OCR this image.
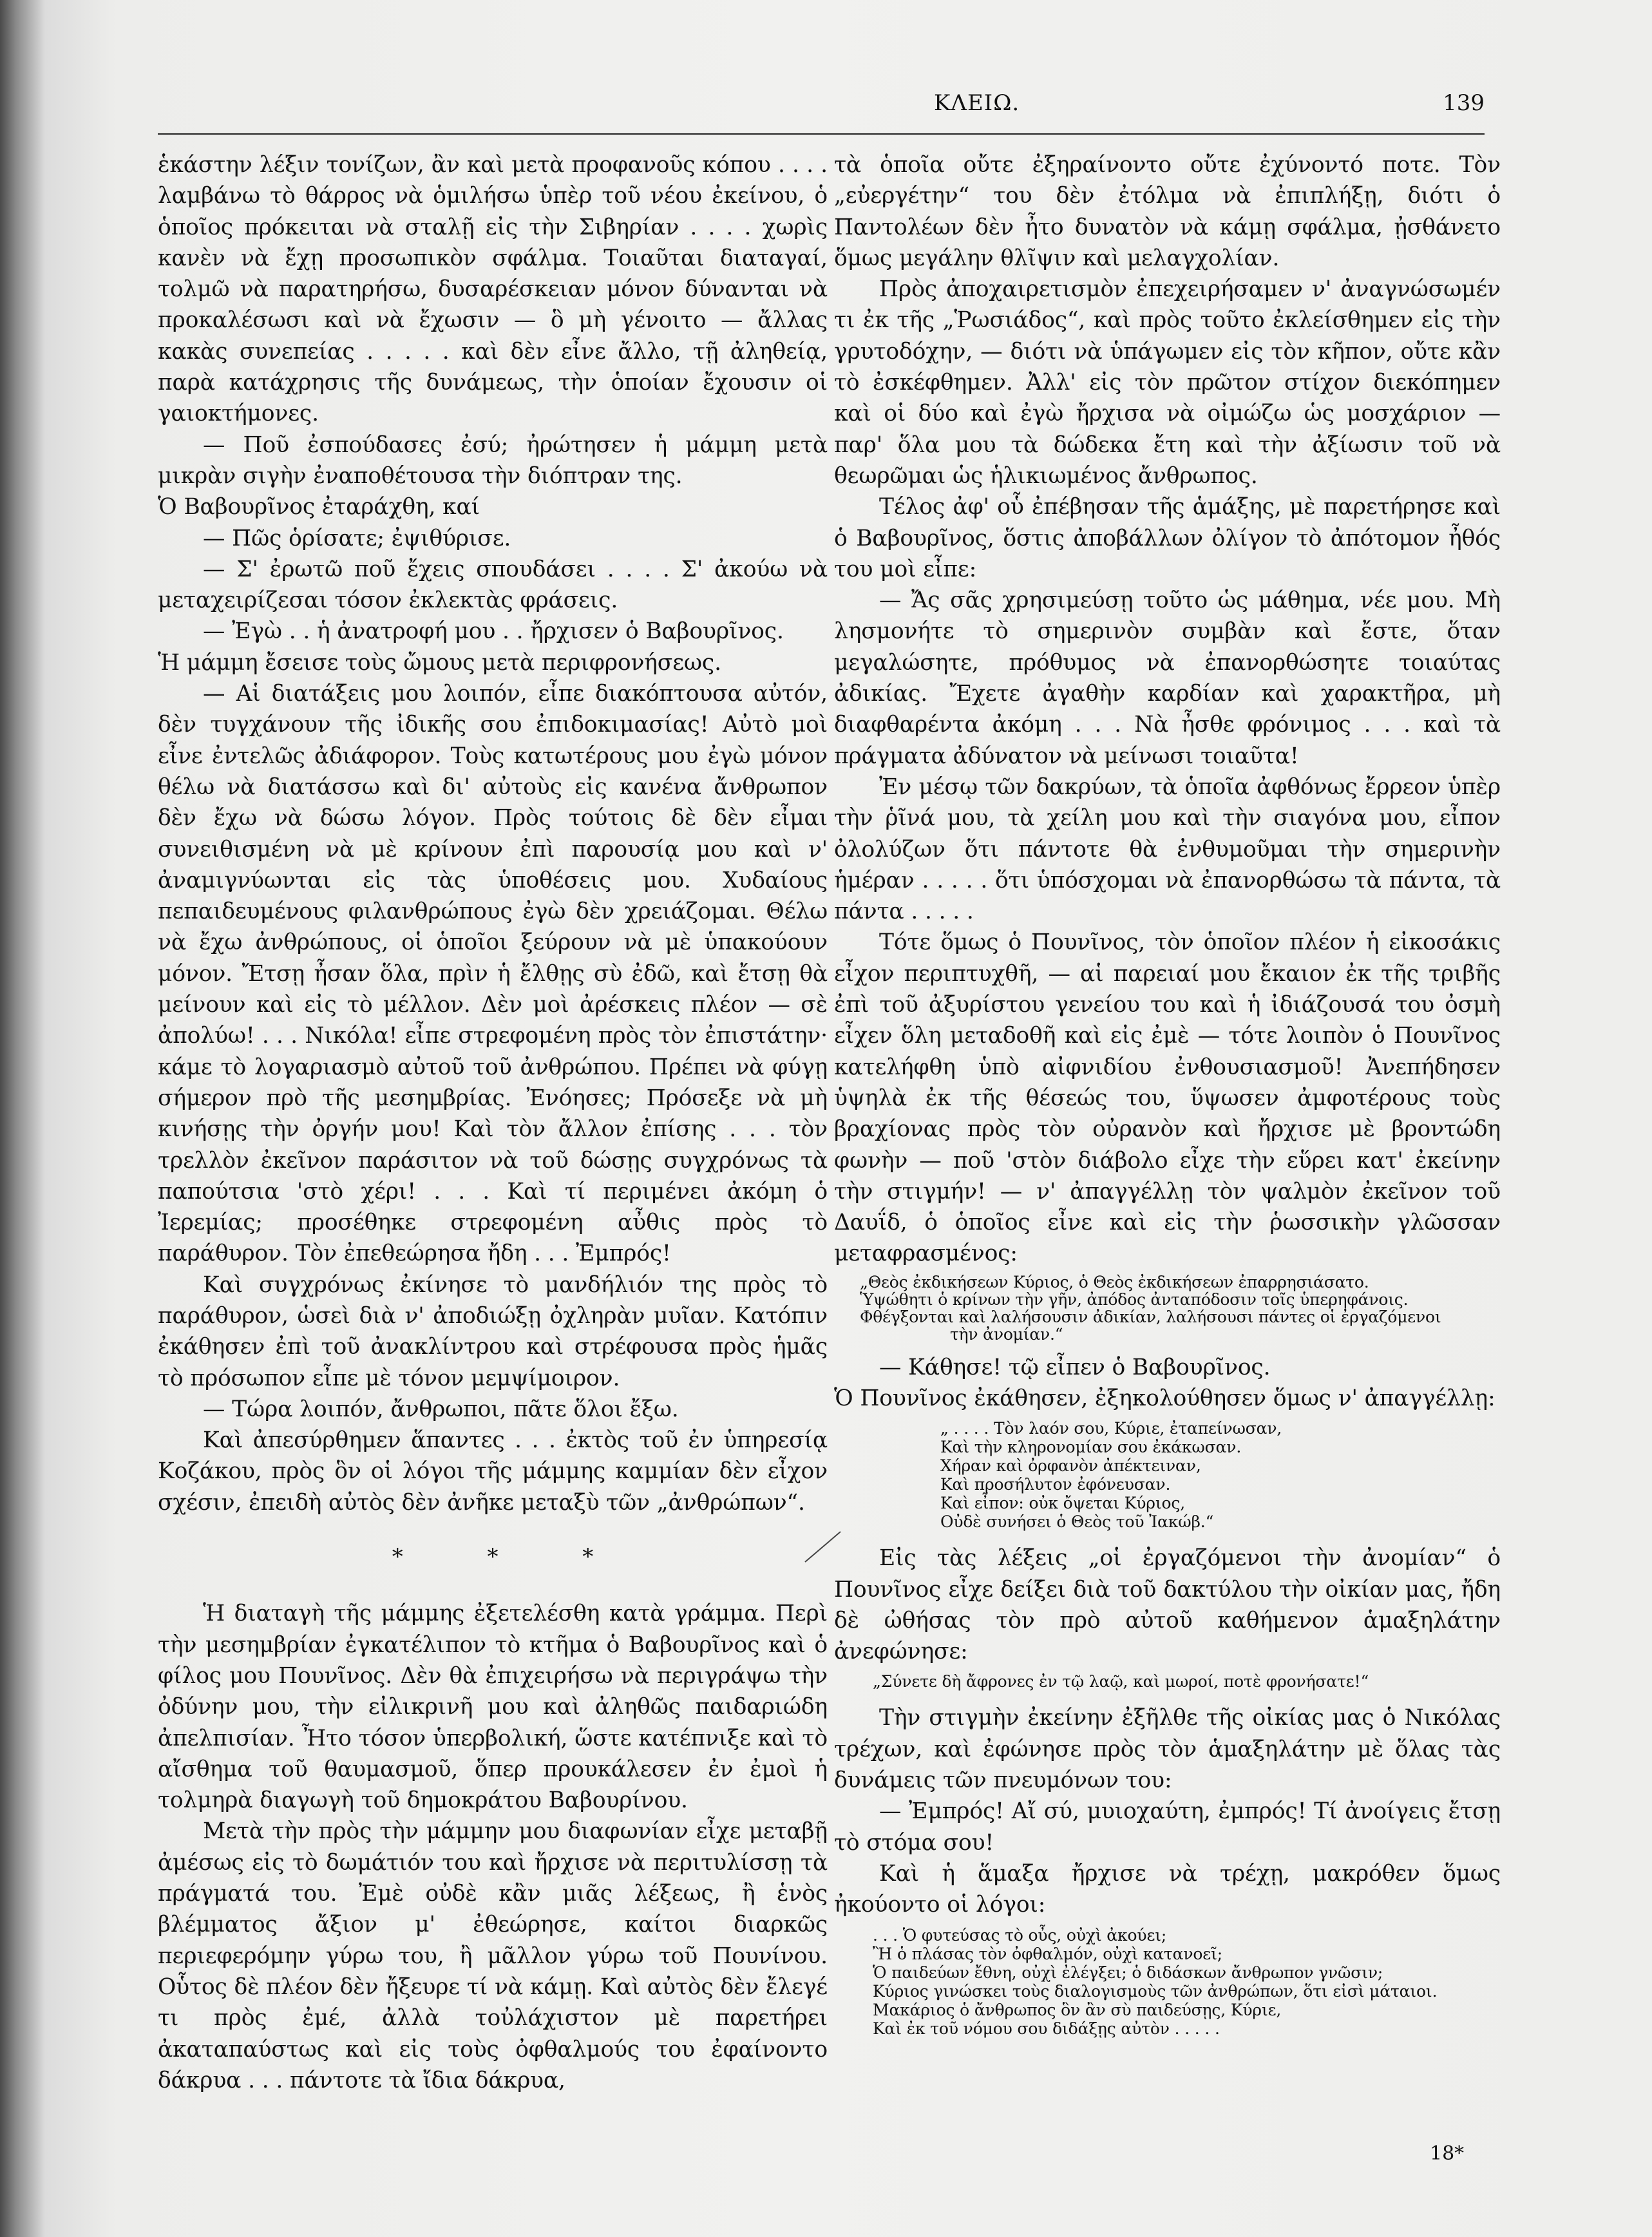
ΚΛΕΙΩ.	139

ἑκάστην λέξιν τονίζων, ἂν καὶ μετὰ προφανοῦς κόπου . . . . λαμβάνω τὸ θάρρος νὰ ὁμιλήσω ὑπὲρ τοῦ νέου ἐκείνου, ὁ ὁποῖος πρόκειται νὰ σταλῇ εἰς τὴν Σιβηρίαν . . . . χωρὶς κανὲν νὰ ἔχῃ προσωπικὸν σφάλμα. Τοιαῦται διαταγαί, τολμῶ νὰ παρατηρήσω, δυσαρέσκειαν μόνον δύνανται νὰ προκαλέσωσι καὶ νὰ ἔχωσιν — ὃ μὴ γένοιτο — ἄλλας κακὰς συνεπείας . . . . . καὶ δὲν εἶνε ἄλλο, τῇ ἀληθείᾳ, παρὰ κατάχρησις τῆς δυνάμεως, τὴν ὁποίαν ἔχουσιν οἱ γαιοκτήμονες.

— Ποῦ ἐσπούδασες ἐσύ; ἠρώτησεν ἡ μάμμη μετὰ μικρὰν σιγὴν ἐναποθέτουσα τὴν διόπτραν της.

Ὁ Βαβουρῖνος ἐταράχθη, καί

— Πῶς ὁρίσατε; ἐψιθύρισε.

— Σ' ἐρωτῶ ποῦ ἔχεις σπουδάσει . . . . Σ' ἀκούω νὰ μεταχειρίζεσαι τόσον ἐκλεκτὰς φράσεις.

— Ἐγὼ . . ἡ ἀνατροφή μου . . ἤρχισεν ὁ Βαβουρῖνος.

Ἡ μάμμη ἔσεισε τοὺς ὤμους μετὰ περιφρονήσεως.

— Αἱ διατάξεις μου λοιπόν, εἶπε διακόπτουσα αὐτόν, δὲν τυγχάνουν τῆς ἰδικῆς σου ἐπιδοκιμασίας! Αὐτὸ μοὶ εἶνε ἐντελῶς ἀδιάφορον. Τοὺς κατωτέρους μου ἐγὼ μόνον θέλω νὰ διατάσσω καὶ δι' αὐτοὺς εἰς κανένα ἄνθρωπον δὲν ἔχω νὰ δώσω λόγον. Πρὸς τούτοις δὲ δὲν εἶμαι συνειθισμένη νὰ μὲ κρίνουν ἐπὶ παρουσίᾳ μου καὶ ν' ἀναμιγνύωνται εἰς τὰς ὑποθέσεις μου. Χυδαίους πεπαιδευμένους φιλανθρώπους ἐγὼ δὲν χρειάζομαι. Θέλω νὰ ἔχω ἀνθρώπους, οἱ ὁποῖοι ξεύρουν νὰ μὲ ὑπακούουν μόνον. Ἔτσῃ ἦσαν ὅλα, πρὶν ἡ ἔλθῃς σὺ ἐδῶ, καὶ ἔτσῃ θὰ μείνουν καὶ εἰς τὸ μέλλον. Δὲν μοὶ ἀρέσκεις πλέον — σὲ ἀπολύω! . . . Νικόλα! εἶπε στρεφομένη πρὸς τὸν ἐπιστάτην· κάμε τὸ λογαριασμὸ αὐτοῦ τοῦ ἀνθρώπου. Πρέπει νὰ φύγῃ σήμερον πρὸ τῆς μεσημβρίας. Ἐνόησες; Πρόσεξε νὰ μὴ κινήσῃς τὴν ὀργήν μου! Καὶ τὸν ἄλλον ἐπίσης . . . τὸν τρελλὸν ἐκεῖνον παράσιτον νὰ τοῦ δώσῃς συγχρόνως τὰ παπούτσια 'στὸ χέρι! . . . Καὶ τί περιμένει ἀκόμη ὁ Ἰερεμίας; προσέθηκε στρεφομένη αὖθις πρὸς τὸ παράθυρον. Τὸν ἐπεθεώρησα ἤδη . . . Ἐμπρός!

Καὶ συγχρόνως ἐκίνησε τὸ μανδήλιόν της πρὸς τὸ παράθυρον, ὡσεὶ διὰ ν' ἀποδιώξῃ ὀχληρὰν μυῖαν. Κατόπιν ἐκάθησεν ἐπὶ τοῦ ἀνακλίντρου καὶ στρέφουσα πρὸς ἡμᾶς τὸ πρόσωπον εἶπε μὲ τόνον μεμψίμοιρον.

— Τώρα λοιπόν, ἄνθρωποι, πᾶτε ὅλοι ἔξω.

Καὶ ἀπεσύρθημεν ἅπαντες . . . ἐκτὸς τοῦ ἐν ὑπηρεσίᾳ Κοζάκου, πρὸς ὃν οἱ λόγοι τῆς μάμμης καμμίαν δὲν εἶχον σχέσιν, ἐπειδὴ αὐτὸς δὲν ἀνῆκε μεταξὺ τῶν „ἀνθρώπων“.

* * *

Ἡ διαταγὴ τῆς μάμμης ἐξετελέσθη κατὰ γράμμα. Περὶ τὴν μεσημβρίαν ἐγκατέλιπον τὸ κτῆμα ὁ Βαβουρῖνος καὶ ὁ φίλος μου Πουνῖνος. Δὲν θὰ ἐπιχειρήσω νὰ περιγράψω τὴν ὀδύνην μου, τὴν εἰλικρινῆ μου καὶ ἀληθῶς παιδαριώδη ἀπελπισίαν. Ἦτο τόσον ὑπερβολική, ὥστε κατέπνιξε καὶ τὸ αἴσθημα τοῦ θαυμασμοῦ, ὅπερ προυκάλεσεν ἐν ἐμοὶ ἡ τολμηρὰ διαγωγὴ τοῦ δημοκράτου Βαβουρίνου.

Μετὰ τὴν πρὸς τὴν μάμμην μου διαφωνίαν εἶχε μεταβῇ ἀμέσως εἰς τὸ δωμάτιόν του καὶ ἤρχισε νὰ περιτυλίσσῃ τὰ πράγματά του. Ἐμὲ οὐδὲ κἂν μιᾶς λέξεως, ἢ ἑνὸς βλέμματος ἄξιον μ' ἐθεώρησε, καίτοι διαρκῶς περιεφερόμην γύρω του, ἢ μᾶλλον γύρω τοῦ Πουνίνου. Οὗτος δὲ πλέον δὲν ἤξευρε τί νὰ κάμῃ. Καὶ αὐτὸς δὲν ἔλεγέ τι πρὸς ἐμέ, ἀλλὰ τοὐλάχιστον μὲ παρετήρει ἀκαταπαύστως καὶ εἰς τοὺς ὀφθαλμούς του ἐφαίνοντο δάκρυα . . . πάντοτε τὰ ἴδια δάκρυα,

τὰ ὁποῖα οὔτε ἐξηραίνοντο οὔτε ἐχύνοντό ποτε. Τὸν „εὐεργέτην“ του δὲν ἐτόλμα νὰ ἐπιπλήξῃ, διότι ὁ Παντολέων δὲν ἦτο δυνατὸν νὰ κάμῃ σφάλμα, ᾐσθάνετο ὅμως μεγάλην θλῖψιν καὶ μελαγχολίαν.

Πρὸς ἀποχαιρετισμὸν ἐπεχειρήσαμεν ν' ἀναγνώσωμέν τι ἐκ τῆς „Ῥωσιάδος“, καὶ πρὸς τοῦτο ἐκλείσθημεν εἰς τὴν γρυτοδόχην, — διότι νὰ ὑπάγωμεν εἰς τὸν κῆπον, οὔτε κἂν τὸ ἐσκέφθημεν. Ἀλλ' εἰς τὸν πρῶτον στίχον διεκόπημεν καὶ οἱ δύο καὶ ἐγὼ ἤρχισα νὰ οἰμώζω ὡς μοσχάριον — παρ' ὅλα μου τὰ δώδεκα ἔτη καὶ τὴν ἀξίωσιν τοῦ νὰ θεωρῶμαι ὡς ἡλικιωμένος ἄνθρωπος.

Τέλος ἀφ' οὗ ἐπέβησαν τῆς ἁμάξης, μὲ παρετήρησε καὶ ὁ Βαβουρῖνος, ὅστις ἀποβάλλων ὀλίγον τὸ ἀπότομον ἦθός του μοὶ εἶπε:

— Ἄς σᾶς χρησιμεύσῃ τοῦτο ὡς μάθημα, νέε μου. Μὴ λησμονήτε τὸ σημερινὸν συμβὰν καὶ ἔστε, ὅταν μεγαλώσητε, πρόθυμος νὰ ἐπανορθώσητε τοιαύτας ἀδικίας. Ἔχετε ἀγαθὴν καρδίαν καὶ χαρακτῆρα, μὴ διαφθαρέντα ἀκόμη . . . Νὰ ἦσθε φρόνιμος . . . καὶ τὰ πράγματα ἀδύνατον νὰ μείνωσι τοιαῦτα!

Ἐν μέσῳ τῶν δακρύων, τὰ ὁποῖα ἀφθόνως ἔρρεον ὑπὲρ τὴν ῥῖνά μου, τὰ χείλη μου καὶ τὴν σιαγόνα μου, εἶπον ὀλολύζων ὅτι πάντοτε θὰ ἐνθυμοῦμαι τὴν σημερινὴν ἡμέραν . . . . . ὅτι ὑπόσχομαι νὰ ἐπανορθώσω τὰ πάντα, τὰ πάντα . . . . .

Τότε ὅμως ὁ Πουνῖνος, τὸν ὁποῖον πλέον ἡ εἰκοσάκις εἶχον περιπτυχθῆ, — αἱ παρειαί μου ἔκαιον ἐκ τῆς τριβῆς ἐπὶ τοῦ ἀξυρίστου γενείου του καὶ ἡ ἰδιάζουσά του ὀσμὴ εἶχεν ὅλη μεταδοθῆ καὶ εἰς ἐμὲ — τότε λοιπὸν ὁ Πουνῖνος κατελήφθη ὑπὸ αἰφνιδίου ἐνθουσιασμοῦ! Ἀνεπήδησεν ὑψηλὰ ἐκ τῆς θέσεώς του, ὕψωσεν ἀμφοτέρους τοὺς βραχίονας πρὸς τὸν οὐρανὸν καὶ ἤρχισε μὲ βροντώδη φωνὴν — ποῦ 'στὸν διάβολο εἶχε τὴν εὕρει κατ' ἐκείνην τὴν στιγμήν! — ν' ἀπαγγέλλῃ τὸν ψαλμὸν ἐκεῖνον τοῦ Δαυΐδ, ὁ ὁποῖος εἶνε καὶ εἰς τὴν ῥωσσικὴν γλῶσσαν μεταφρασμένος:

„Θεὸς ἐκδικήσεων Κύριος, ὁ Θεὸς ἐκδικήσεων ἐπαρρησιάσατο.
Ὑψώθητι ὁ κρίνων τὴν γῆν, ἀπόδος ἀνταπόδοσιν τοῖς ὑπερηφάνοις.
Φθέγξονται καὶ λαλήσουσιν ἀδικίαν, λαλήσουσι πάντες οἱ ἐργαζόμενοι
τὴν ἀνομίαν.“

— Κάθησε! τῷ εἶπεν ὁ Βαβουρῖνος.

Ὁ Πουνῖνος ἐκάθησεν, ἐξηκολούθησεν ὅμως ν' ἀπαγγέλλῃ:

„ . . . . Τὸν λαόν σου, Κύριε, ἐταπείνωσαν,
Καὶ τὴν κληρονομίαν σου ἐκάκωσαν.
Χήραν καὶ ὀρφανὸν ἀπέκτειναν,
Καὶ προσήλυτον ἐφόνευσαν.
Καὶ εἶπον: οὐκ ὄψεται Κύριος,
Οὐδὲ συνήσει ὁ Θεὸς τοῦ Ἰακώβ.“

Εἰς τὰς λέξεις „οἱ ἐργαζόμενοι τὴν ἀνομίαν“ ὁ Πουνῖνος εἶχε δείξει διὰ τοῦ δακτύλου τὴν οἰκίαν μας, ἤδη δὲ ὠθήσας τὸν πρὸ αὐτοῦ καθήμενον ἁμαξηλάτην ἀνεφώνησε:

„Σύνετε δὴ ἄφρονες ἐν τῷ λαῷ, καὶ μωροί, ποτὲ φρονήσατε!“

Τὴν στιγμὴν ἐκείνην ἐξῆλθε τῆς οἰκίας μας ὁ Νικόλας τρέχων, καὶ ἐφώνησε πρὸς τὸν ἁμαξηλάτην μὲ ὅλας τὰς δυνάμεις τῶν πνευμόνων του:

— Ἐμπρός! Αἴ σύ, μυιοχαύτη, ἐμπρός! Τί ἀνοίγεις ἔτσῃ τὸ στόμα σου!

Καὶ ἡ ἅμαξα ἤρχισε νὰ τρέχῃ, μακρόθεν ὅμως ἠκούοντο οἱ λόγοι:

. . . Ὁ φυτεύσας τὸ οὖς, οὐχὶ ἀκούει;
Ἢ ὁ πλάσας τὸν ὀφθαλμόν, οὐχὶ κατανοεῖ;
Ὁ παιδεύων ἔθνη, οὐχὶ ἐλέγξει; ὁ διδάσκων ἄνθρωπον γνῶσιν;
Κύριος γινώσκει τοὺς διαλογισμοὺς τῶν ἀνθρώπων, ὅτι εἰσὶ μάταιοι.
Μακάριος ὁ ἄνθρωπος ὃν ἂν σὺ παιδεύσῃς, Κύριε,
Καὶ ἐκ τοῦ νόμου σου διδάξῃς αὐτὸν . . . . .

18*
